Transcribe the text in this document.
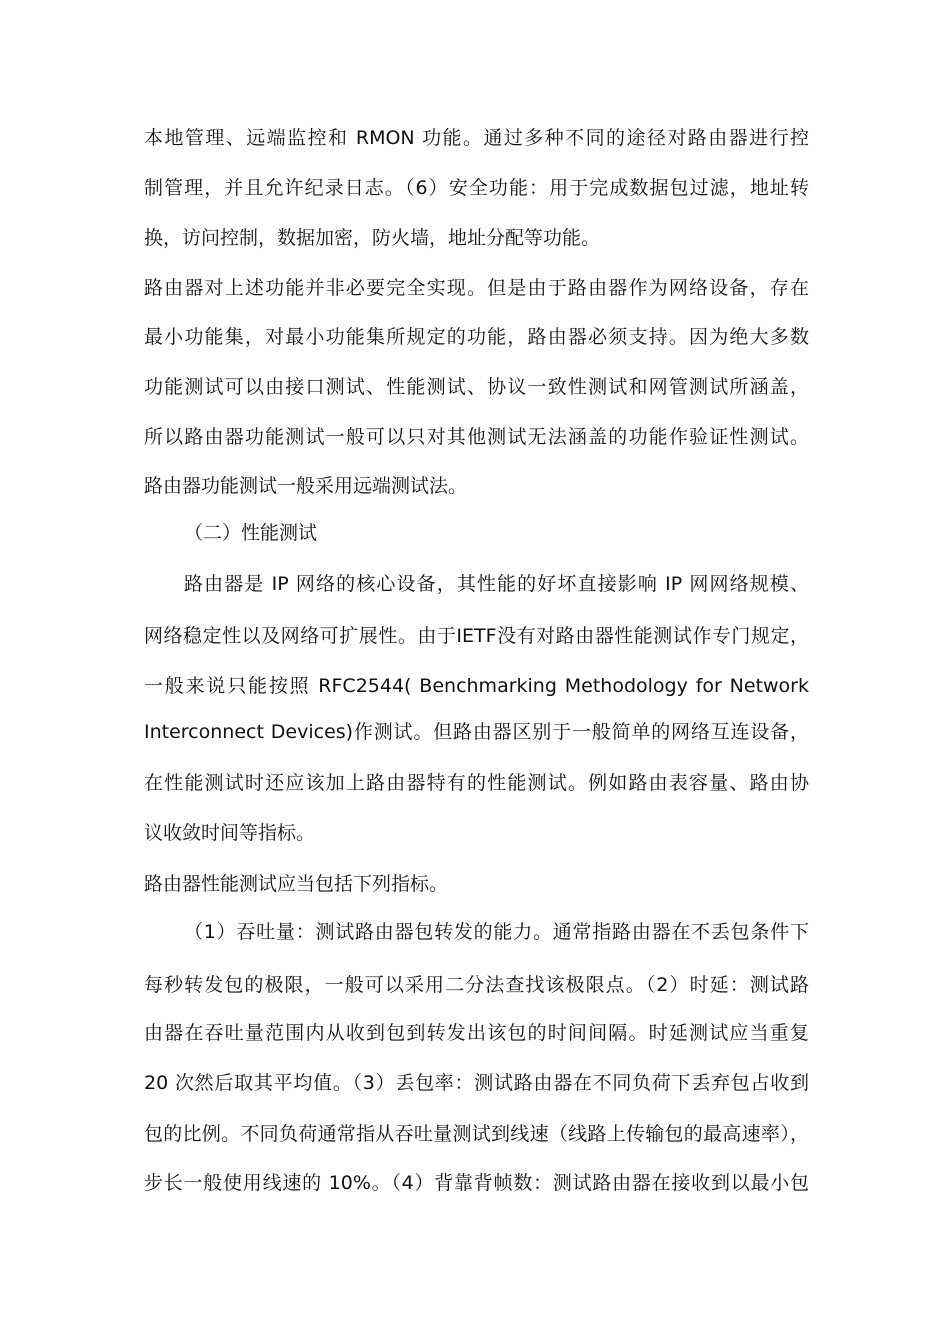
本地管理、远端监控和 RMON 功能。通过多种不同的途径对路由器进行控
制管理，并且允许纪录日志。（6）安全功能：用于完成数据包过滤，地址转
换，访问控制，数据加密，防火墙，地址分配等功能。
路由器对上述功能并非必要完全实现。但是由于路由器作为网络设备，存在
最小功能集，对最小功能集所规定的功能，路由器必须支持。因为绝大多数
功能测试可以由接口测试、性能测试、协议一致性测试和网管测试所涵盖，
所以路由器功能测试一般可以只对其他测试无法涵盖的功能作验证性测试。
路由器功能测试一般采用远端测试法。
（二）性能测试
路由器是 IP 网络的核心设备，其性能的好坏直接影响 IP 网网络规模、
网络稳定性以及网络可扩展性。由于IETF没有对路由器性能测试作专门规定，
一般来说只能按照 RFC2544( Benchmarking Methodology for Network
Interconnect Devices)作测试。但路由器区别于一般简单的网络互连设备，
在性能测试时还应该加上路由器特有的性能测试。例如路由表容量、路由协
议收敛时间等指标。
路由器性能测试应当包括下列指标。
（1）吞吐量：测试路由器包转发的能力。通常指路由器在不丢包条件下
每秒转发包的极限，一般可以采用二分法查找该极限点。（2）时延：测试路
由器在吞吐量范围内从收到包到转发出该包的时间间隔。时延测试应当重复
20 次然后取其平均值。（3）丢包率：测试路由器在不同负荷下丢弃包占收到
包的比例。不同负荷通常指从吞吐量测试到线速（线路上传输包的最高速率），
步长一般使用线速的 10%。（4）背靠背帧数：测试路由器在接收到以最小包
